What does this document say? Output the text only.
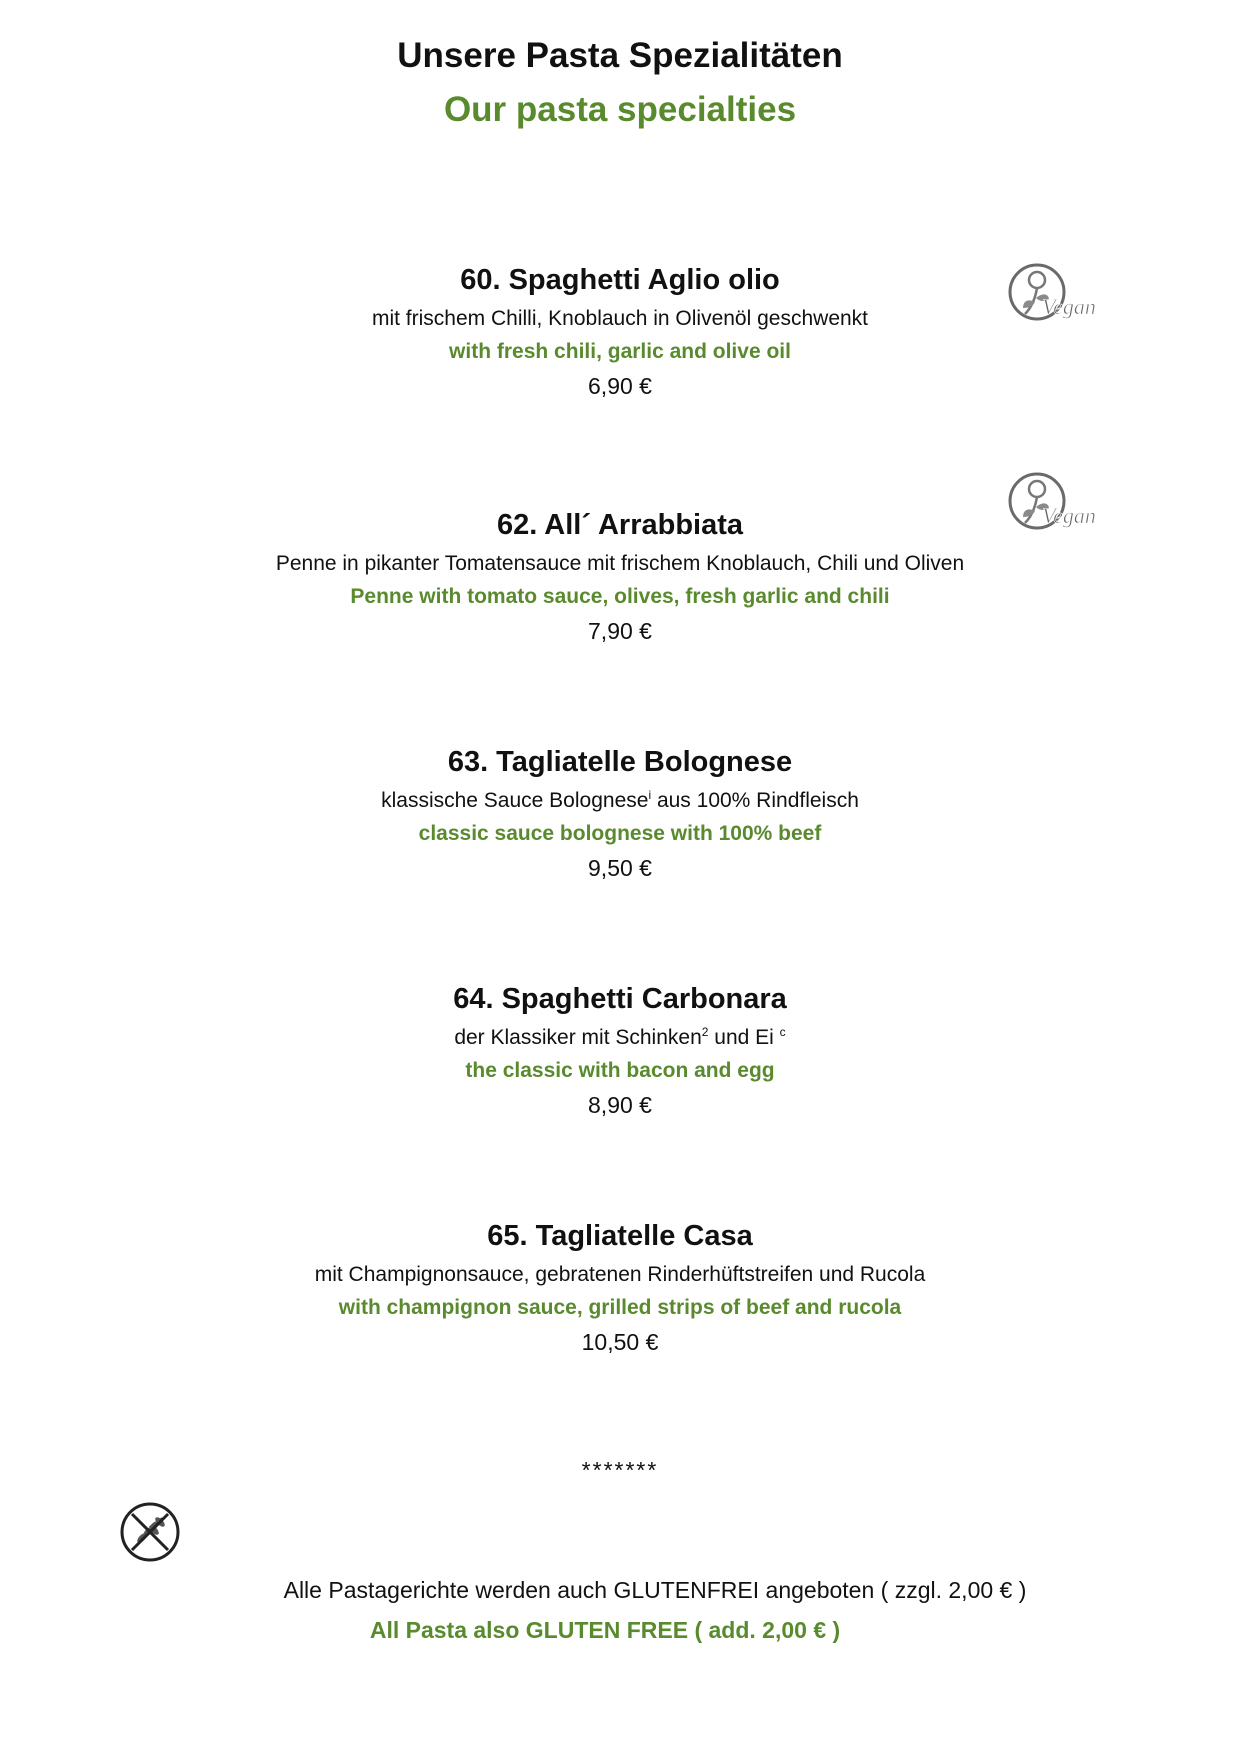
Unsere Pasta Spezialitäten
Our pasta specialties
60. Spaghetti Aglio olio
mit frischem Chilli, Knoblauch in Olivenöl geschwenkt
with fresh chili, garlic and olive oil
6,90 €
Vegan
62. All´ Arrabbiata
Penne in pikanter Tomatensauce mit frischem Knoblauch, Chili und Oliven
Penne with tomato sauce, olives, fresh garlic and chili
7,90 €
Vegan
63. Tagliatelle Bolognese
klassische Sauce Bolognese$^i$ aus 100% Rindfleisch
classic sauce bolognese with 100% beef
9,50 €
64. Spaghetti Carbonara
der Klassiker mit Schinken$^2$ und Ei $^c$
the classic with bacon and egg
8,90 €
65. Tagliatelle Casa
mit Champignonsauce, gebratenen Rinderhüftstreifen und Rucola
with champignon sauce, grilled strips of beef and rucola
10,50 €
*******
Alle Pastagerichte werden auch GLUTENFREI angeboten ( zzgl. 2,00 € )
All Pasta also GLUTEN FREE ( add. 2,00 € )
